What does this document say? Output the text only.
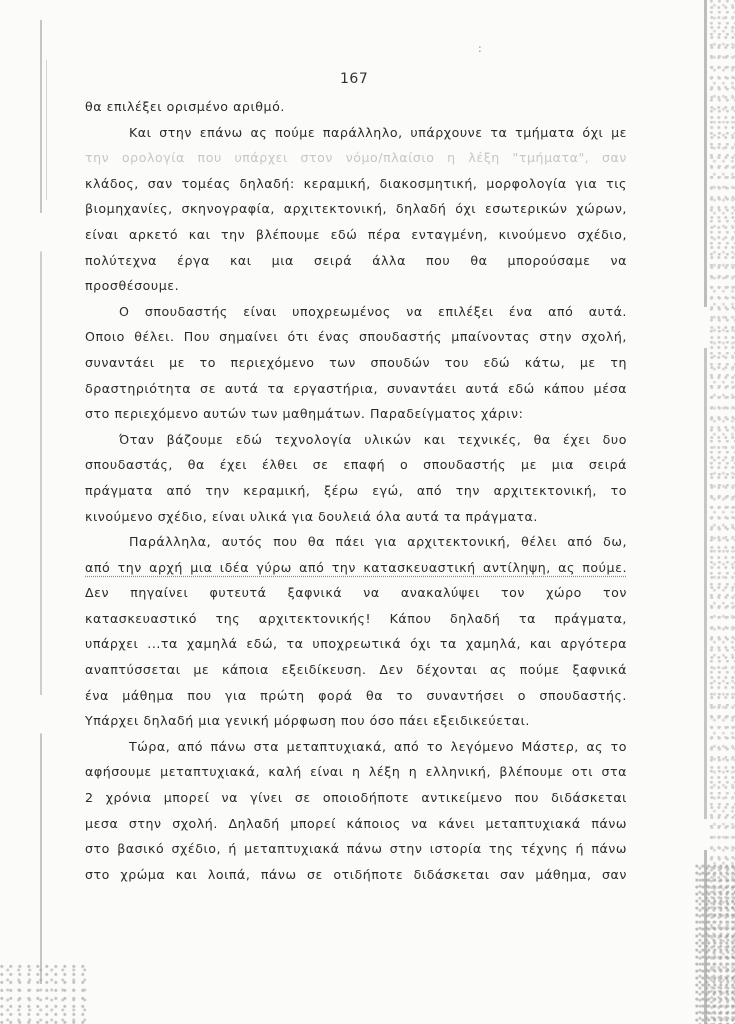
:
167
θα επιλέξει ορισμένο αριθμό.
Και στην επάνω ας πούμε παράλληλο, υπάρχουνε τα τμήματα όχι με
την ορολογία που υπάρχει στον νόμο/πλαίσιο η λέξη "τμήματα", σαν
κλάδος, σαν τομέας δηλαδή: κεραμική, διακοσμητική, μορφολογία για τις
βιομηχανίες, σκηνογραφία, αρχιτεκτονική, δηλαδή όχι εσωτερικών χώρων,
είναι αρκετό και την βλέπουμε εδώ πέρα ενταγμένη, κινούμενο σχέδιο,
πολύτεχνα έργα και μια σειρά άλλα που θα μπορούσαμε να
προσθέσουμε.
Ο σπουδαστής είναι υποχρεωμένος να επιλέξει ένα από αυτά.
Οποιο θέλει. Που σημαίνει ότι ένας σπουδαστής μπαίνοντας στην σχολή,
συναντάει με το περιεχόμενο των σπουδών του εδώ κάτω, με τη
δραστηριότητα σε αυτά τα εργαστήρια, συναντάει αυτά εδώ κάπου μέσα
στο περιεχόμενο αυτών των μαθημάτων. Παραδείγματος χάριν:
Όταν βάζουμε εδώ τεχνολογία υλικών και τεχνικές, θα έχει δυο
σπουδαστάς, θα έχει έλθει σε επαφή ο σπουδαστής με μια σειρά
πράγματα από την κεραμική, ξέρω εγώ, από την αρχιτεκτονική, το
κινούμενο σχέδιο, είναι υλικά για δουλειά όλα αυτά τα πράγματα.
Παράλληλα, αυτός που θα πάει για αρχιτεκτονική, θέλει από δω,
από την αρχή μια ιδέα γύρω από την κατασκευαστική αντίληψη, ας πούμε.
Δεν πηγαίνει φυτευτά ξαφνικά να ανακαλύψει τον χώρο τον
κατασκευαστικό της αρχιτεκτονικής! Κάπου δηλαδή τα πράγματα,
υπάρχει ...τα χαμηλά εδώ, τα υποχρεωτικά όχι τα χαμηλά, και αργότερα
αναπτύσσεται με κάποια εξειδίκευση. Δεν δέχονται ας πούμε ξαφνικά
ένα μάθημα που για πρώτη φορά θα το συναντήσει ο σπουδαστής.
Υπάρχει δηλαδή μια γενική μόρφωση που όσο πάει εξειδικεύεται.
Τώρα, από πάνω στα μεταπτυχιακά, από το λεγόμενο Μάστερ, ας το
αφήσουμε μεταπτυχιακά, καλή είναι η λέξη η ελληνική, βλέπουμε οτι στα
2 χρόνια μπορεί να γίνει σε οποιοδήποτε αντικείμενο που διδάσκεται
μεσα στην σχολή. Δηλαδή μπορεί κάποιος να κάνει μεταπτυχιακά πάνω
στο βασικό σχέδιο, ή μεταπτυχιακά πάνω στην ιστορία της τέχνης ή πάνω
στο χρώμα και λοιπά, πάνω σε οτιδήποτε διδάσκεται σαν μάθημα, σαν
